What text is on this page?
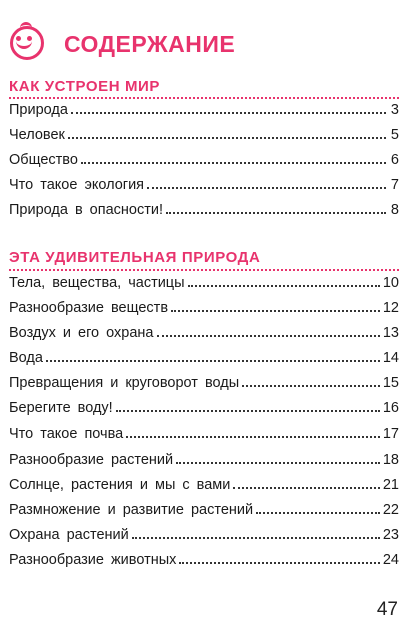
СОДЕРЖАНИЕ
КАК УСТРОЕН МИР
Природа	3
Человек	5
Общество	6
Что такое экология	7
Природа в опасности!	8
ЭТА УДИВИТЕЛЬНАЯ ПРИРОДА
Тела, вещества, частицы	10
Разнообразие веществ	12
Воздух и его охрана	13
Вода	14
Превращения и круговорот воды	15
Берегите воду!	16
Что такое почва	17
Разнообразие растений	18
Солнце, растения и мы с вами	21
Размножение и развитие растений	22
Охрана растений	23
Разнообразие животных	24
47
